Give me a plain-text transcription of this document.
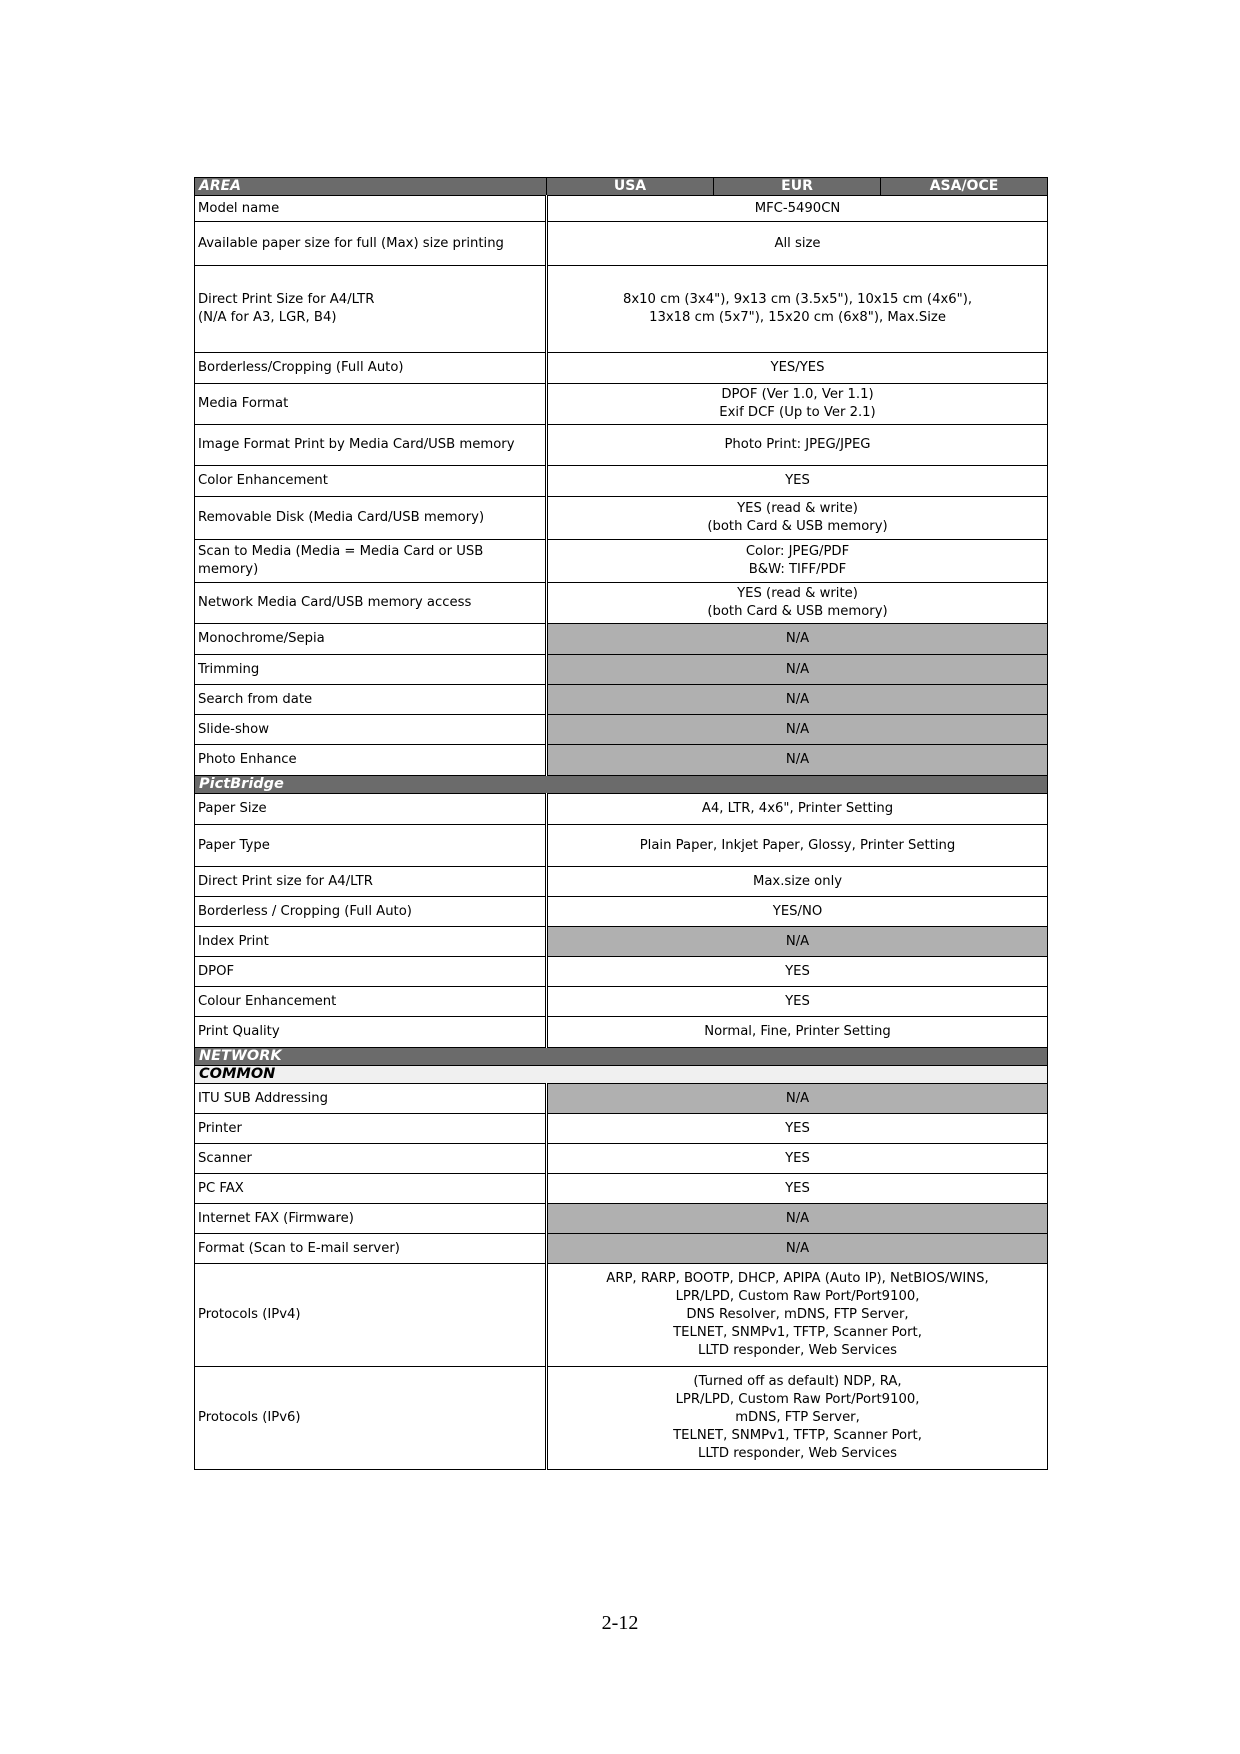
AREA	USA	EUR	ASA/OCE
Model name	MFC-5490CN		
Available paper size for full (Max) size printing	All size		
Direct Print Size for A4/LTR
(N/A for A3, LGR, B4)	8x10 cm (3x4"), 9x13 cm (3.5x5"), 10x15 cm (4x6"),
13x18 cm (5x7"), 15x20 cm (6x8"), Max.Size		
Borderless/Cropping (Full Auto)	YES/YES		
Media Format	DPOF (Ver 1.0, Ver 1.1)
Exif DCF (Up to Ver 2.1)		
Image Format Print by Media Card/USB memory	Photo Print: JPEG/JPEG		
Color Enhancement	YES		
Removable Disk (Media Card/USB memory)	YES (read & write)
(both Card & USB memory)		
Scan to Media (Media = Media Card or USB memory)	Color: JPEG/PDF
B&W: TIFF/PDF		
Network Media Card/USB memory access	YES (read & write)
(both Card & USB memory)		
Monochrome/Sepia	N/A		
Trimming	N/A		
Search from date	N/A		
Slide-show	N/A		
Photo Enhance	N/A		
PictBridge			
Paper Size	A4, LTR, 4x6", Printer Setting		
Paper Type	Plain Paper, Inkjet Paper, Glossy, Printer Setting		
Direct Print size for A4/LTR	Max.size only		
Borderless / Cropping (Full Auto)	YES/NO		
Index Print	N/A		
DPOF	YES		
Colour Enhancement	YES		
Print Quality	Normal, Fine, Printer Setting		
NETWORK			
COMMON			
ITU SUB Addressing	N/A		
Printer	YES		
Scanner	YES		
PC FAX	YES		
Internet FAX (Firmware)	N/A		
Format (Scan to E-mail server)	N/A		
Protocols (IPv4)	ARP, RARP, BOOTP, DHCP, APIPA (Auto IP), NetBIOS/WINS,
LPR/LPD, Custom Raw Port/Port9100,
DNS Resolver, mDNS, FTP Server,
TELNET, SNMPv1, TFTP, Scanner Port,
LLTD responder, Web Services		
Protocols (IPv6)	(Turned off as default) NDP, RA,
LPR/LPD, Custom Raw Port/Port9100,
mDNS, FTP Server,
TELNET, SNMPv1, TFTP, Scanner Port,
LLTD responder, Web Services		
2-12
